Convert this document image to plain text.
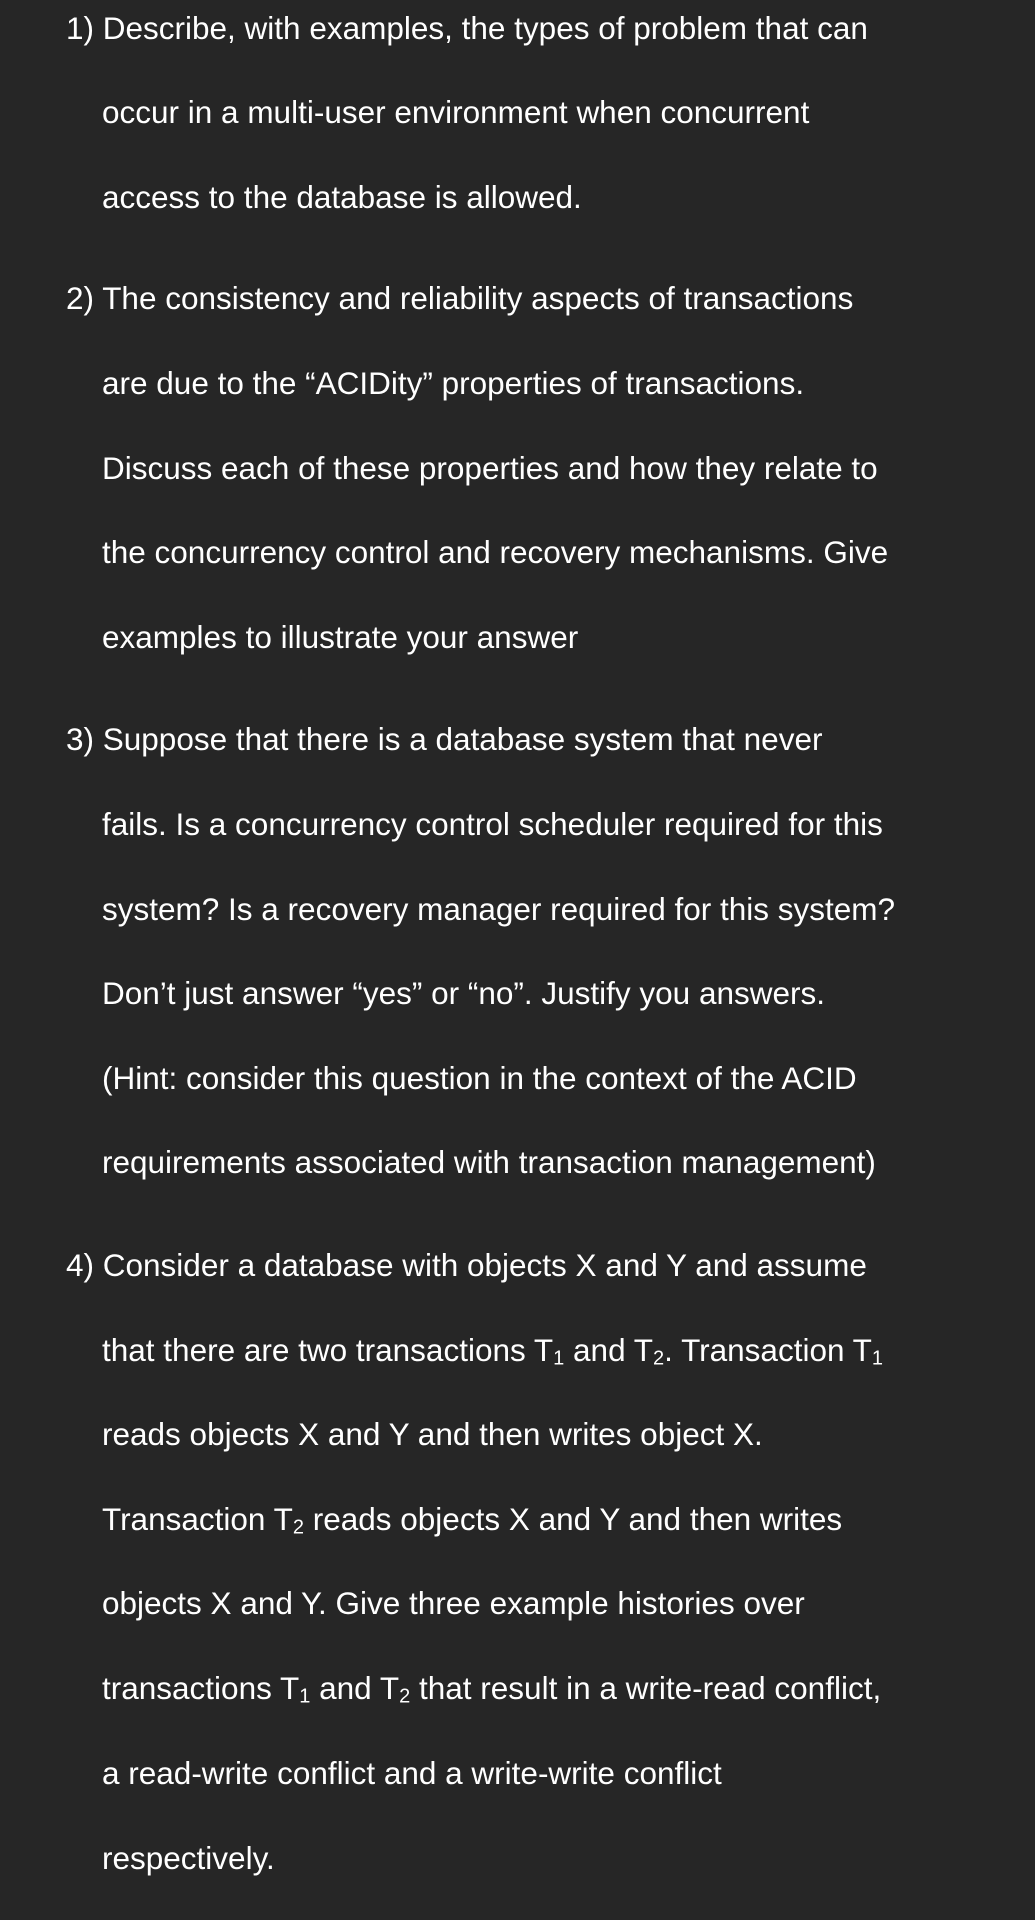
1) Describe, with examples, the types of problem that can
occur in a multi-user environment when concurrent
access to the database is allowed.
2) The consistency and reliability aspects of transactions
are due to the “ACIDity” properties of transactions.
Discuss each of these properties and how they relate to
the concurrency control and recovery mechanisms. Give
examples to illustrate your answer
3) Suppose that there is a database system that never
fails. Is a concurrency control scheduler required for this
system? Is a recovery manager required for this system?
Don’t just answer “yes” or “no”. Justify you answers.
(Hint: consider this question in the context of the ACID
requirements associated with transaction management)
4) Consider a database with objects X and Y and assume
that there are two transactions $T_1$ and $T_2$. Transaction $T_1$
reads objects X and Y and then writes object X.
Transaction $T_2$ reads objects X and Y and then writes
objects X and Y. Give three example histories over
transactions $T_1$ and $T_2$ that result in a write-read conflict,
a read-write conflict and a write-write conflict
respectively.
